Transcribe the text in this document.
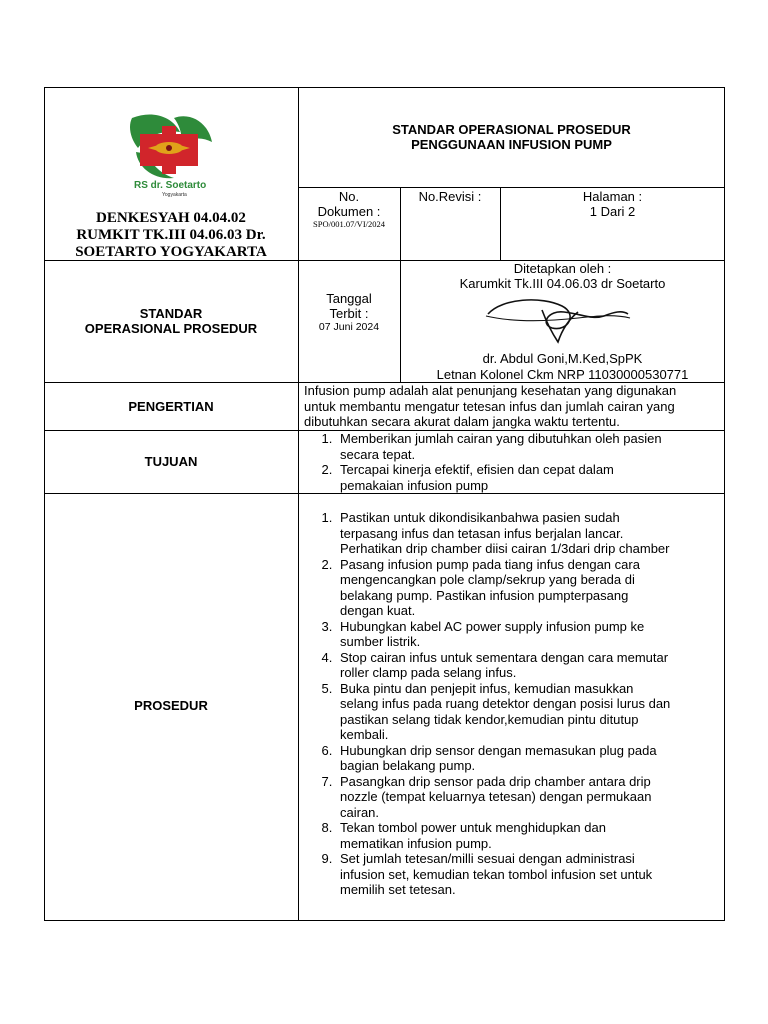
RS dr. Soetarto
Yogyakarta
DENKESYAH 04.04.02
RUMKIT TK.III 04.06.03 Dr.
SOETARTO YOGYAKARTA
STANDAR OPERASIONAL PROSEDUR
PENGGUNAAN INFUSION PUMP
No.
Dokumen :
SPO/001.07/VI/2024
No.Revisi :	Halaman :
1 Dari 2
STANDAR
OPERASIONAL PROSEDUR
Tanggal
Terbit :
07 Juni 2024
Ditetapkan oleh :
Karumkit Tk.III 04.06.03 dr Soetarto
dr. Abdul Goni,M.Ked,SpPK
Letnan Kolonel Ckm NRP 11030000530771
PENGERTIAN
Infusion pump adalah alat penunjang kesehatan yang digunakan
untuk membantu mengatur tetesan infus dan jumlah cairan yang
dibutuhkan secara akurat dalam jangka waktu tertentu.
TUJUAN
1. Memberikan jumlah cairan yang dibutuhkan oleh pasien
secara tepat.
2. Tercapai kinerja efektif, efisien dan cepat dalam
pemakaian infusion pump
PROSEDUR
1. Pastikan untuk dikondisikanbahwa pasien sudah
terpasang infus dan tetasan infus berjalan lancar.
Perhatikan drip chamber diisi cairan 1/3dari drip chamber
2. Pasang infusion pump pada tiang infus dengan cara
mengencangkan pole clamp/sekrup yang berada di
belakang pump. Pastikan infusion pumpterpasang
dengan kuat.
3. Hubungkan kabel AC power supply infusion pump ke
sumber listrik.
4. Stop cairan infus untuk sementara dengan cara memutar
roller clamp pada selang infus.
5. Buka pintu dan penjepit infus, kemudian masukkan
selang infus pada ruang detektor dengan posisi lurus dan
pastikan selang tidak kendor,kemudian pintu ditutup
kembali.
6. Hubungkan drip sensor dengan memasukan plug pada
bagian belakang pump.
7. Pasangkan drip sensor pada drip chamber antara drip
nozzle (tempat keluarnya tetesan) dengan permukaan
cairan.
8. Tekan tombol power untuk menghidupkan dan
mematikan infusion pump.
9. Set jumlah tetesan/milli sesuai dengan administrasi
infusion set, kemudian tekan tombol infusion set untuk
memilih set tetesan.
